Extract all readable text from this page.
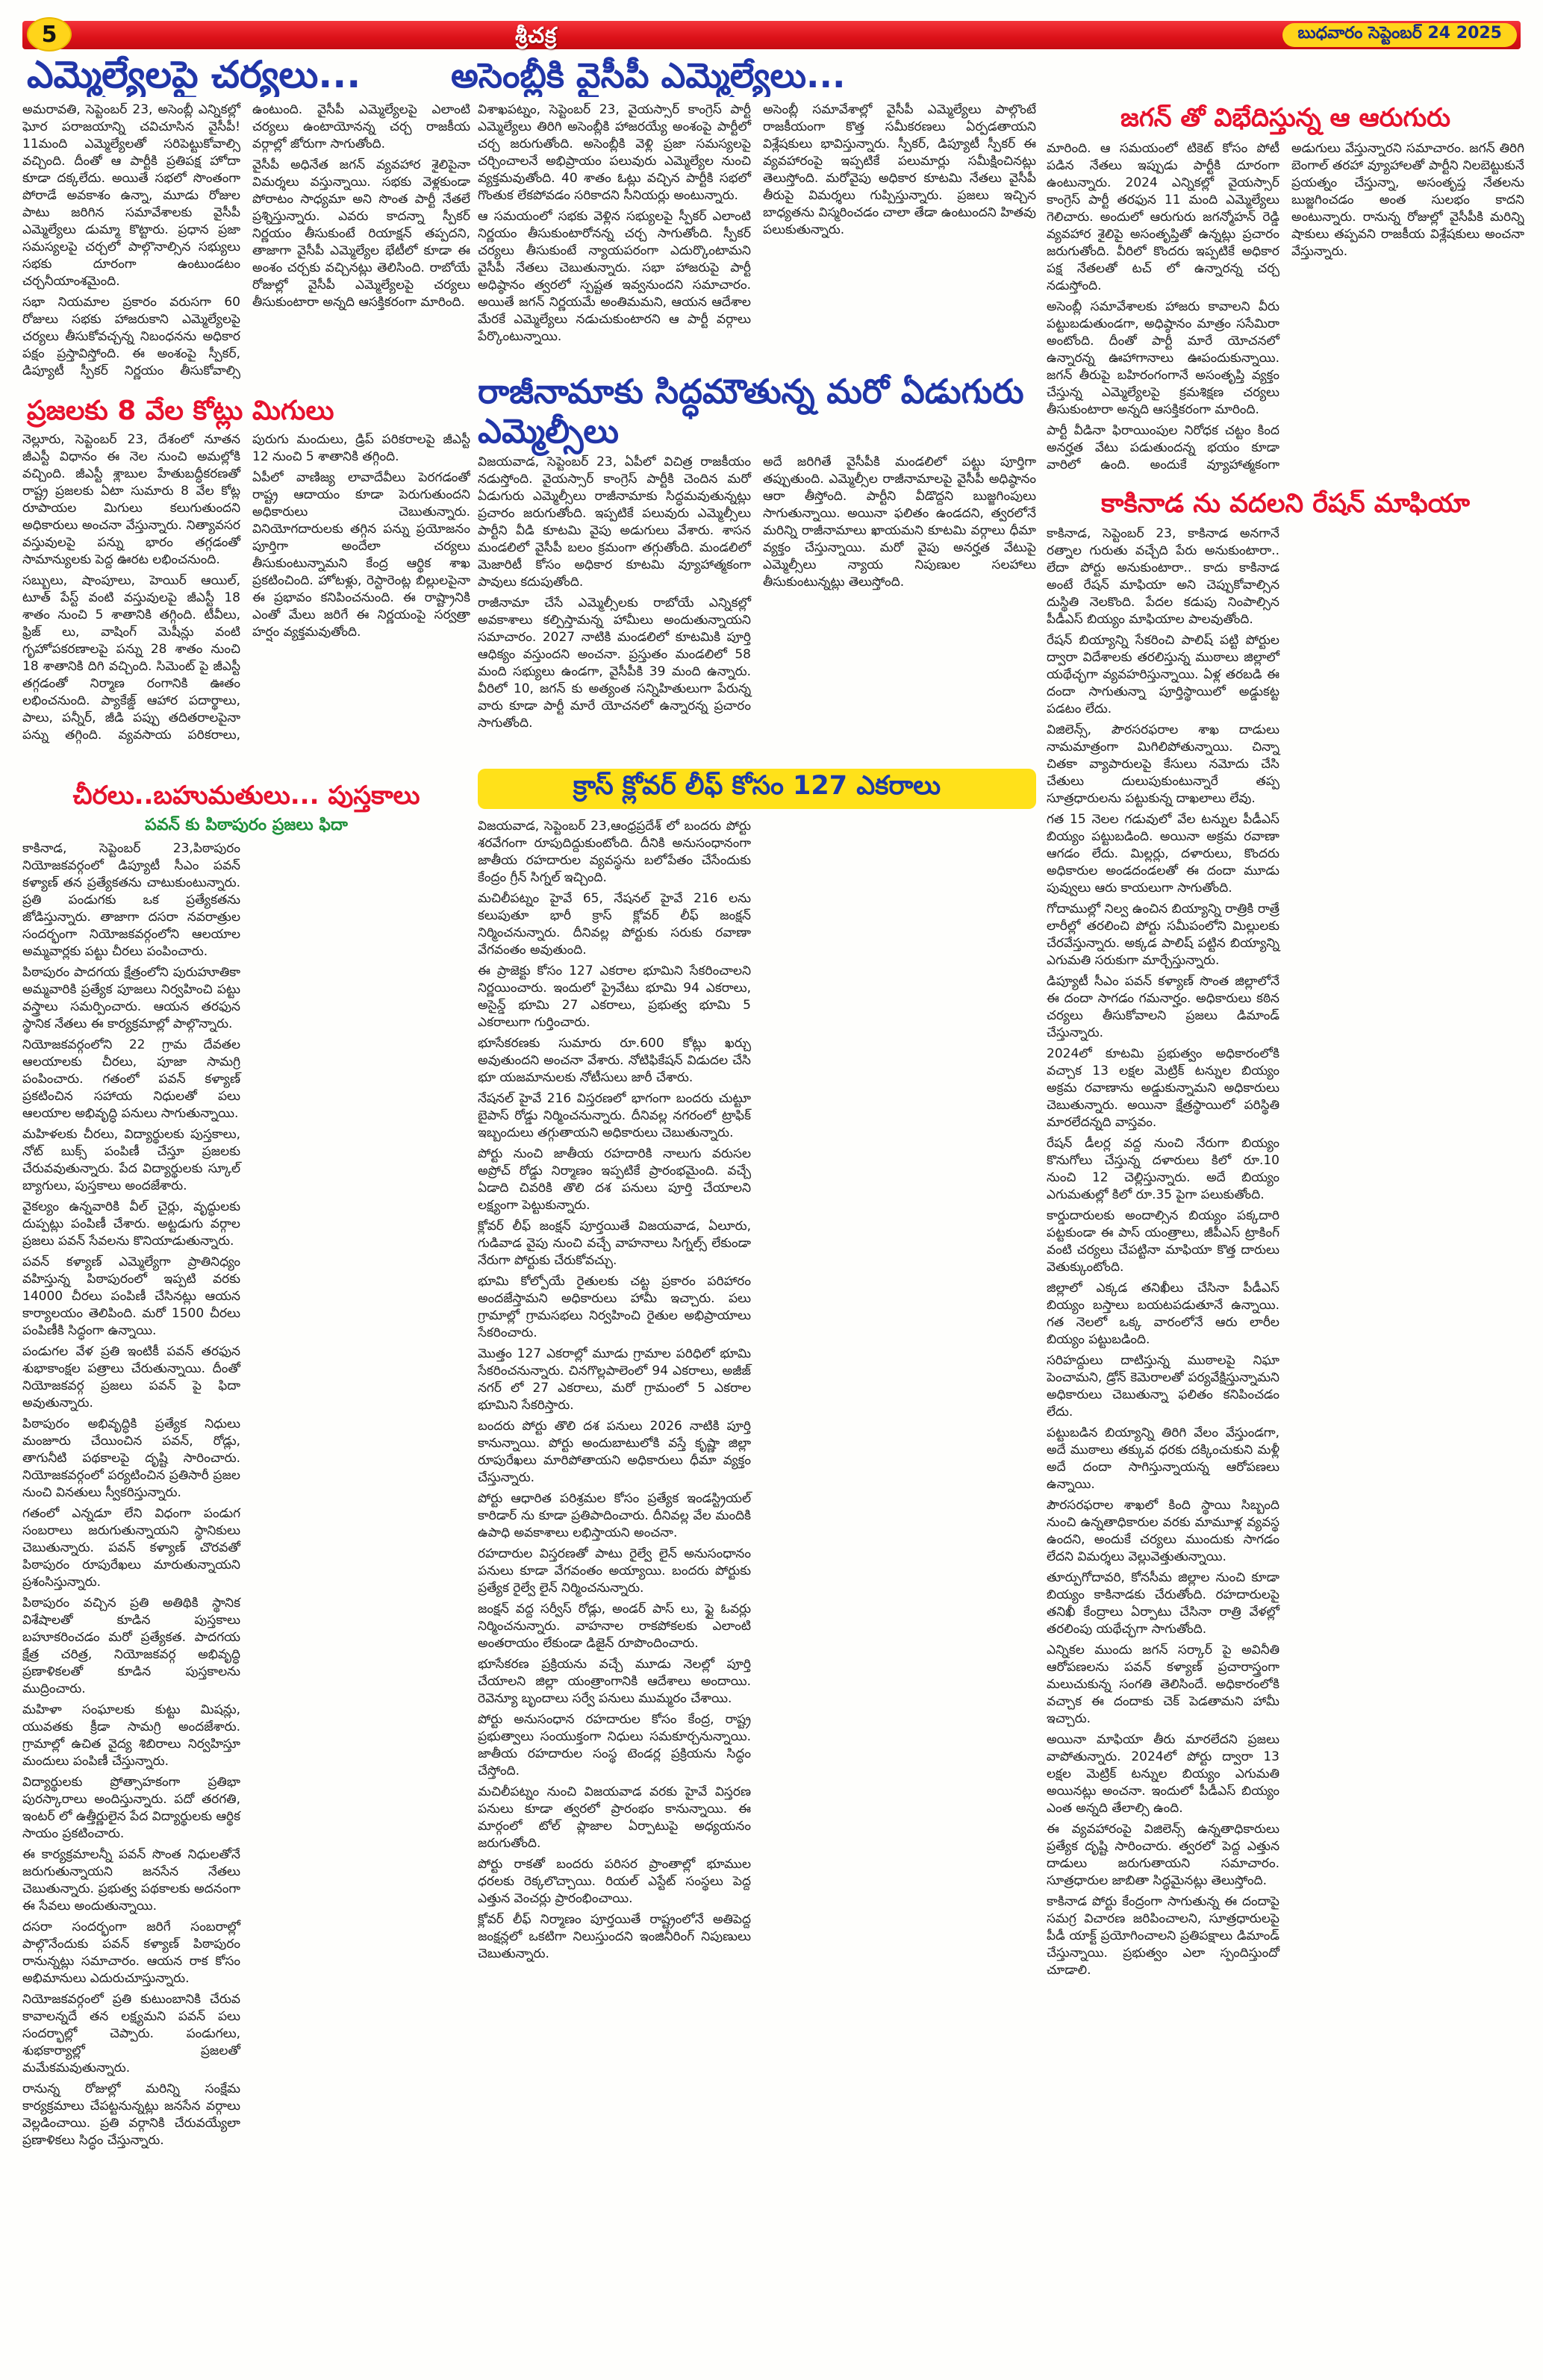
5	శ్రీచక్ర	బుధవారం సెప్టెంబర్ 24 2025
ఎమ్మెల్యేలపై చర్యలు...	అసెంబ్లీకి వైసీపీ ఎమ్మెల్యేలు...

అమరావతి, సెప్టెంబర్ 23, అసెంబ్లీ ఎన్నికల్లో ఘోర పరాజయాన్ని చవిచూసిన వైసీపీ! 11మంది ఎమ్మెల్యేలతో సరిపెట్టుకోవాల్సి వచ్చింది. దీంతో ఆ పార్టీకి ప్రతిపక్ష హోదా కూడా దక్కలేదు. అయితే సభలో సొంతంగా పోరాడే అవకాశం ఉన్నా, మూడు రోజుల పాటు జరిగిన సమావేశాలకు వైసీపీ ఎమ్మెల్యేలు డుమ్మా కొట్టారు. ప్రధాన ప్రజా సమస్యలపై చర్చలో పాల్గొనాల్సిన సభ్యులు సభకు దూరంగా ఉంటుండటం చర్చనీయాంశమైంది.

సభా నియమాల ప్రకారం వరుసగా 60 రోజులు సభకు హాజరుకాని ఎమ్మెల్యేలపై చర్యలు తీసుకోవచ్చన్న నిబంధనను అధికార పక్షం ప్రస్తావిస్తోంది. ఈ అంశంపై స్పీకర్, డిప్యూటీ స్పీకర్ నిర్ణయం తీసుకోవాల్సి ఉంటుంది. వైసీపీ ఎమ్మెల్యేలపై ఎలాంటి చర్యలు ఉంటాయోనన్న చర్చ రాజకీయ వర్గాల్లో జోరుగా సాగుతోంది.

వైసీపీ అధినేత జగన్ వ్యవహార శైలిపైనా విమర్శలు వస్తున్నాయి. సభకు వెళ్లకుండా పోరాటం సాధ్యమా అని సొంత పార్టీ నేతలే ప్రశ్నిస్తున్నారు. ఎవరు కాదన్నా స్పీకర్ నిర్ణయం తీసుకుంటే రియాక్షన్ తప్పదని, తాజాగా వైసీపీ ఎమ్మెల్యేల భేటీలో కూడా ఈ అంశం చర్చకు వచ్చినట్లు తెలిసింది. రాబోయే రోజుల్లో వైసీపీ ఎమ్మెల్యేలపై చర్యలు తీసుకుంటారా అన్నది ఆసక్తికరంగా మారింది.

విశాఖపట్నం, సెప్టెంబర్ 23, వైయస్సార్ కాంగ్రెస్ పార్టీ ఎమ్మెల్యేలు తిరిగి అసెంబ్లీకి హాజరయ్యే అంశంపై పార్టీలో చర్చ జరుగుతోంది. అసెంబ్లీకి వెళ్లి ప్రజా సమస్యలపై చర్చించాలనే అభిప్రాయం పలువురు ఎమ్మెల్యేల నుంచి వ్యక్తమవుతోంది. 40 శాతం ఓట్లు వచ్చిన పార్టీకి సభలో గొంతుక లేకపోవడం సరికాదని సీనియర్లు అంటున్నారు.

ఆ సమయంలో సభకు వెళ్లిన సభ్యులపై స్పీకర్ ఎలాంటి నిర్ణయం తీసుకుంటారోనన్న చర్చ సాగుతోంది. స్పీకర్ చర్యలు తీసుకుంటే న్యాయపరంగా ఎదుర్కొంటామని వైసీపీ నేతలు చెబుతున్నారు. సభా హాజరుపై పార్టీ అధిష్ఠానం త్వరలో స్పష్టత ఇవ్వనుందని సమాచారం. అయితే జగన్ నిర్ణయమే అంతిమమని, ఆయన ఆదేశాల మేరకే ఎమ్మెల్యేలు నడుచుకుంటారని ఆ పార్టీ వర్గాలు పేర్కొంటున్నాయి.

అసెంబ్లీ సమావేశాల్లో వైసీపీ ఎమ్మెల్యేలు పాల్గొంటే రాజకీయంగా కొత్త సమీకరణలు ఏర్పడతాయని విశ్లేషకులు భావిస్తున్నారు. స్పీకర్, డిప్యూటీ స్పీకర్ ఈ వ్యవహారంపై ఇప్పటికే పలుమార్లు సమీక్షించినట్లు తెలుస్తోంది. మరోవైపు అధికార కూటమి నేతలు వైసీపీ తీరుపై విమర్శలు గుప్పిస్తున్నారు. ప్రజలు ఇచ్చిన బాధ్యతను విస్మరించడం చాలా తేడా ఉంటుందని హితవు పలుకుతున్నారు.

జగన్ తో విభేదిస్తున్న ఆ ఆరుగురు

మారింది. ఆ సమయంలో టికెట్ కోసం పోటీ పడిన నేతలు ఇప్పుడు పార్టీకి దూరంగా ఉంటున్నారు. 2024 ఎన్నికల్లో వైయస్సార్ కాంగ్రెస్ పార్టీ తరఫున 11 మంది ఎమ్మెల్యేలు గెలిచారు. అందులో ఆరుగురు జగన్మోహన్ రెడ్డి వ్యవహార శైలిపై అసంతృప్తితో ఉన్నట్లు ప్రచారం జరుగుతోంది. వీరిలో కొందరు ఇప్పటికే అధికార పక్ష నేతలతో టచ్ లో ఉన్నారన్న చర్చ నడుస్తోంది.

అసెంబ్లీ సమావేశాలకు హాజరు కావాలని వీరు పట్టుబడుతుండగా, అధిష్ఠానం మాత్రం ససేమిరా అంటోంది. దీంతో పార్టీ మారే యోచనలో ఉన్నారన్న ఊహాగానాలు ఊపందుకున్నాయి. జగన్ తీరుపై బహిరంగంగానే అసంతృప్తి వ్యక్తం చేస్తున్న ఎమ్మెల్యేలపై క్రమశిక్షణ చర్యలు తీసుకుంటారా అన్నది ఆసక్తికరంగా మారింది.

పార్టీ వీడినా ఫిరాయింపుల నిరోధక చట్టం కింద అనర్హత వేటు పడుతుందన్న భయం కూడా వారిలో ఉంది. అందుకే వ్యూహాత్మకంగా అడుగులు వేస్తున్నారని సమాచారం. జగన్ తిరిగి బెంగాల్ తరహా వ్యూహాలతో పార్టీని నిలబెట్టుకునే ప్రయత్నం చేస్తున్నా, అసంతృప్త నేతలను బుజ్జగించడం అంత సులభం కాదని అంటున్నారు. రానున్న రోజుల్లో వైసీపీకి మరిన్ని షాకులు తప్పవని రాజకీయ విశ్లేషకులు అంచనా వేస్తున్నారు.

ప్రజలకు 8 వేల కోట్లు మిగులు

నెల్లూరు, సెప్టెంబర్ 23, దేశంలో నూతన జీఎస్టీ విధానం ఈ నెల నుంచి అమల్లోకి వచ్చింది. జీఎస్టీ శ్లాబుల హేతుబద్ధీకరణతో రాష్ట్ర ప్రజలకు ఏటా సుమారు 8 వేల కోట్ల రూపాయల మిగులు కలుగుతుందని అధికారులు అంచనా వేస్తున్నారు. నిత్యావసర వస్తువులపై పన్ను భారం తగ్గడంతో సామాన్యులకు పెద్ద ఊరట లభించనుంది.

సబ్బులు, షాంపూలు, హెయిర్ ఆయిల్, టూత్ పేస్ట్ వంటి వస్తువులపై జీఎస్టీ 18 శాతం నుంచి 5 శాతానికి తగ్గింది. టీవీలు, ఫ్రిజ్ లు, వాషింగ్ మెషీన్లు వంటి గృహోపకరణాలపై పన్ను 28 శాతం నుంచి 18 శాతానికి దిగి వచ్చింది. సిమెంట్ పై జీఎస్టీ తగ్గడంతో నిర్మాణ రంగానికి ఊతం లభించనుంది. ప్యాకేజ్డ్ ఆహార పదార్థాలు, పాలు, పన్నీర్, జీడి పప్పు తదితరాలపైనా పన్ను తగ్గింది. వ్యవసాయ పరికరాలు, పురుగు మందులు, డ్రిప్ పరికరాలపై జీఎస్టీ 12 నుంచి 5 శాతానికి తగ్గింది.

ఏపీలో వాణిజ్య లావాదేవీలు పెరగడంతో రాష్ట్ర ఆదాయం కూడా పెరుగుతుందని అధికారులు చెబుతున్నారు. వినియోగదారులకు తగ్గిన పన్ను ప్రయోజనం పూర్తిగా అందేలా చర్యలు తీసుకుంటున్నామని కేంద్ర ఆర్థిక శాఖ ప్రకటించింది. హోటళ్లు, రెస్టారెంట్ల బిల్లులపైనా ఈ ప్రభావం కనిపించనుంది. ఈ రాష్ట్రానికి ఎంతో మేలు జరిగే ఈ నిర్ణయంపై సర్వత్రా హర్షం వ్యక్తమవుతోంది.

రాజీనామాకు సిద్ధమౌతున్న మరో ఏడుగురు ఎమ్మెల్సీలు

విజయవాడ, సెప్టెంబర్ 23, ఏపీలో విచిత్ర రాజకీయం నడుస్తోంది. వైయస్సార్ కాంగ్రెస్ పార్టీకి చెందిన మరో ఏడుగురు ఎమ్మెల్సీలు రాజీనామాకు సిద్ధమవుతున్నట్లు ప్రచారం జరుగుతోంది. ఇప్పటికే పలువురు ఎమ్మెల్సీలు పార్టీని వీడి కూటమి వైపు అడుగులు వేశారు. శాసన మండలిలో వైసీపీ బలం క్రమంగా తగ్గుతోంది. మండలిలో మెజారిటీ కోసం అధికార కూటమి వ్యూహాత్మకంగా పావులు కదుపుతోంది.

రాజీనామా చేసే ఎమ్మెల్సీలకు రాబోయే ఎన్నికల్లో అవకాశాలు కల్పిస్తామన్న హామీలు అందుతున్నాయని సమాచారం. 2027 నాటికి మండలిలో కూటమికి పూర్తి ఆధిక్యం వస్తుందని అంచనా. ప్రస్తుతం మండలిలో 58 మంది సభ్యులు ఉండగా, వైసీపీకి 39 మంది ఉన్నారు. వీరిలో 10, జగన్ కు అత్యంత సన్నిహితులుగా పేరున్న వారు కూడా పార్టీ మారే యోచనలో ఉన్నారన్న ప్రచారం సాగుతోంది.

అదే జరిగితే వైసీపీకి మండలిలో పట్టు పూర్తిగా తప్పుతుంది. ఎమ్మెల్సీల రాజీనామాలపై వైసీపీ అధిష్ఠానం ఆరా తీస్తోంది. పార్టీని వీడొద్దని బుజ్జగింపులు సాగుతున్నాయి. అయినా ఫలితం ఉండదని, త్వరలోనే మరిన్ని రాజీనామాలు ఖాయమని కూటమి వర్గాలు ధీమా వ్యక్తం చేస్తున్నాయి. మరో వైపు అనర్హత వేటుపై ఎమ్మెల్సీలు న్యాయ నిపుణుల సలహాలు తీసుకుంటున్నట్లు తెలుస్తోంది.

కాకినాడ ను వదలని రేషన్ మాఫియా

కాకినాడ, సెప్టెంబర్ 23, కాకినాడ అనగానే రత్నాల గురుతు వచ్చేది పేరు అనుకుంటారా.. లేదా పోర్టు అనుకుంటారా.. కాదు కాకినాడ అంటే రేషన్ మాఫియా అని చెప్పుకోవాల్సిన దుస్థితి నెలకొంది. పేదల కడుపు నింపాల్సిన పీడీఎస్ బియ్యం మాఫియాల పాలవుతోంది.

రేషన్ బియ్యాన్ని సేకరించి పాలిష్ పట్టి పోర్టుల ద్వారా విదేశాలకు తరలిస్తున్న ముఠాలు జిల్లాలో యథేచ్ఛగా వ్యవహరిస్తున్నాయి. ఏళ్ల తరబడి ఈ దందా సాగుతున్నా పూర్తిస్థాయిలో అడ్డుకట్ట పడటం లేదు.

విజిలెన్స్, పౌరసరఫరాల శాఖ దాడులు నామమాత్రంగా మిగిలిపోతున్నాయి. చిన్నా చితకా వ్యాపారులపై కేసులు నమోదు చేసి చేతులు దులుపుకుంటున్నారే తప్ప సూత్రధారులను పట్టుకున్న దాఖలాలు లేవు.

గత 15 నెలల గడువులో వేల టన్నుల పీడీఎస్ బియ్యం పట్టుబడింది. అయినా అక్రమ రవాణా ఆగడం లేదు. మిల్లర్లు, దళారులు, కొందరు అధికారుల అండదండలతో ఈ దందా మూడు పువ్వులు ఆరు కాయలుగా సాగుతోంది.

గోదాముల్లో నిల్వ ఉంచిన బియ్యాన్ని రాత్రికి రాత్రే లారీల్లో తరలించి పోర్టు సమీపంలోని మిల్లులకు చేరవేస్తున్నారు. అక్కడ పాలిష్ పట్టిన బియ్యాన్ని ఎగుమతి సరుకుగా మార్చేస్తున్నారు.

డిప్యూటీ సీఎం పవన్ కళ్యాణ్ సొంత జిల్లాలోనే ఈ దందా సాగడం గమనార్హం. అధికారులు కఠిన చర్యలు తీసుకోవాలని ప్రజలు డిమాండ్ చేస్తున్నారు.

2024లో కూటమి ప్రభుత్వం అధికారంలోకి వచ్చాక 13 లక్షల మెట్రిక్ టన్నుల బియ్యం అక్రమ రవాణాను అడ్డుకున్నామని అధికారులు చెబుతున్నారు. అయినా క్షేత్రస్థాయిలో పరిస్థితి మారలేదన్నది వాస్తవం.

రేషన్ డీలర్ల వద్ద నుంచి నేరుగా బియ్యం కొనుగోలు చేస్తున్న దళారులు కిలో రూ.10 నుంచి 12 చెల్లిస్తున్నారు. అదే బియ్యం ఎగుమతుల్లో కిలో రూ.35 పైగా పలుకుతోంది.

కార్డుదారులకు అందాల్సిన బియ్యం పక్కదారి పట్టకుండా ఈ పాస్ యంత్రాలు, జీపీఎస్ ట్రాకింగ్ వంటి చర్యలు చేపట్టినా మాఫియా కొత్త దారులు వెతుక్కుంటోంది.

జిల్లాలో ఎక్కడ తనిఖీలు చేసినా పీడీఎస్ బియ్యం బస్తాలు బయటపడుతూనే ఉన్నాయి. గత నెలలో ఒక్క వారంలోనే ఆరు లారీల బియ్యం పట్టుబడింది.

సరిహద్దులు దాటిస్తున్న ముఠాలపై నిఘా పెంచామని, డ్రోన్ కెమెరాలతో పర్యవేక్షిస్తున్నామని అధికారులు చెబుతున్నా ఫలితం కనిపించడం లేదు.

పట్టుబడిన బియ్యాన్ని తిరిగి వేలం వేస్తుండగా, అదే ముఠాలు తక్కువ ధరకు దక్కించుకుని మళ్లీ అదే దందా సాగిస్తున్నాయన్న ఆరోపణలు ఉన్నాయి.

పౌరసరఫరాల శాఖలో కింది స్థాయి సిబ్బంది నుంచి ఉన్నతాధికారుల వరకు మామూళ్ల వ్యవస్థ ఉందని, అందుకే చర్యలు ముందుకు సాగడం లేదని విమర్శలు వెల్లువెత్తుతున్నాయి.

తూర్పుగోదావరి, కోనసీమ జిల్లాల నుంచి కూడా బియ్యం కాకినాడకు చేరుతోంది. రహదారులపై తనిఖీ కేంద్రాలు ఏర్పాటు చేసినా రాత్రి వేళల్లో తరలింపు యథేచ్ఛగా సాగుతోంది.

ఎన్నికల ముందు జగన్ సర్కార్ పై అవినీతి ఆరోపణలను పవన్ కళ్యాణ్ ప్రచారాస్త్రంగా మలుచుకున్న సంగతి తెలిసిందే. అధికారంలోకి వచ్చాక ఈ దందాకు చెక్ పెడతామని హామీ ఇచ్చారు.

అయినా మాఫియా తీరు మారలేదని ప్రజలు వాపోతున్నారు. 2024లో పోర్టు ద్వారా 13 లక్షల మెట్రిక్ టన్నుల బియ్యం ఎగుమతి అయినట్లు అంచనా. ఇందులో పీడీఎస్ బియ్యం ఎంత అన్నది తేలాల్సి ఉంది.

ఈ వ్యవహారంపై విజిలెన్స్ ఉన్నతాధికారులు ప్రత్యేక దృష్టి సారించారు. త్వరలో పెద్ద ఎత్తున దాడులు జరుగుతాయని సమాచారం. సూత్రధారుల జాబితా సిద్ధమైనట్లు తెలుస్తోంది.

కాకినాడ పోర్టు కేంద్రంగా సాగుతున్న ఈ దందాపై సమగ్ర విచారణ జరిపించాలని, సూత్రధారులపై పీడీ యాక్ట్ ప్రయోగించాలని ప్రతిపక్షాలు డిమాండ్ చేస్తున్నాయి. ప్రభుత్వం ఎలా స్పందిస్తుందో చూడాలి.

చీరలు..బహుమతులు... పుస్తకాలు
పవన్ కు పిఠాపురం ప్రజలు ఫిదా

కాకినాడ, సెప్టెంబర్ 23,పిఠాపురం నియోజకవర్గంలో డిప్యూటీ సీఎం పవన్ కళ్యాణ్ తన ప్రత్యేకతను చాటుకుంటున్నారు. ప్రతి పండుగకు ఒక ప్రత్యేకతను జోడిస్తున్నారు. తాజాగా దసరా నవరాత్రుల సందర్భంగా నియోజకవర్గంలోని ఆలయాల అమ్మవార్లకు పట్టు చీరలు పంపించారు.

పిఠాపురం పాదగయ క్షేత్రంలోని పురుహూతికా అమ్మవారికి ప్రత్యేక పూజలు నిర్వహించి పట్టు వస్త్రాలు సమర్పించారు. ఆయన తరఫున స్థానిక నేతలు ఈ కార్యక్రమాల్లో పాల్గొన్నారు.

నియోజకవర్గంలోని 22 గ్రామ దేవతల ఆలయాలకు చీరలు, పూజా సామగ్రి పంపించారు. గతంలో పవన్ కళ్యాణ్ ప్రకటించిన సహాయ నిధులతో పలు ఆలయాల అభివృద్ధి పనులు సాగుతున్నాయి.

మహిళలకు చీరలు, విద్యార్థులకు పుస్తకాలు, నోట్ బుక్స్ పంపిణీ చేస్తూ ప్రజలకు చేరువవుతున్నారు. పేద విద్యార్థులకు స్కూల్ బ్యాగులు, పుస్తకాలు అందజేశారు.

వైకల్యం ఉన్నవారికి వీల్ చైర్లు, వృద్ధులకు దుప్పట్లు పంపిణీ చేశారు. అట్టడుగు వర్గాల ప్రజలు పవన్ సేవలను కొనియాడుతున్నారు.

పవన్ కళ్యాణ్ ఎమ్మెల్యేగా ప్రాతినిధ్యం వహిస్తున్న పిఠాపురంలో ఇప్పటి వరకు 14000 చీరలు పంపిణీ చేసినట్లు ఆయన కార్యాలయం తెలిపింది. మరో 1500 చీరలు పంపిణీకి సిద్ధంగా ఉన్నాయి.

పండుగల వేళ ప్రతి ఇంటికీ పవన్ తరఫున శుభాకాంక్షల పత్రాలు చేరుతున్నాయి. దీంతో నియోజకవర్గ ప్రజలు పవన్ పై ఫిదా అవుతున్నారు.

పిఠాపురం అభివృద్ధికి ప్రత్యేక నిధులు మంజూరు చేయించిన పవన్, రోడ్లు, తాగునీటి పథకాలపై దృష్టి సారించారు. నియోజకవర్గంలో పర్యటించిన ప్రతిసారీ ప్రజల నుంచి వినతులు స్వీకరిస్తున్నారు.

గతంలో ఎన్నడూ లేని విధంగా పండుగ సంబరాలు జరుగుతున్నాయని స్థానికులు చెబుతున్నారు. పవన్ కళ్యాణ్ చొరవతో పిఠాపురం రూపురేఖలు మారుతున్నాయని ప్రశంసిస్తున్నారు.

పిఠాపురం వచ్చిన ప్రతి అతిథికి స్థానిక విశేషాలతో కూడిన పుస్తకాలు బహూకరించడం మరో ప్రత్యేకత. పాదగయ క్షేత్ర చరిత్ర, నియోజకవర్గ అభివృద్ధి ప్రణాళికలతో కూడిన పుస్తకాలను ముద్రించారు.

మహిళా సంఘాలకు కుట్టు మిషన్లు, యువతకు క్రీడా సామగ్రి అందజేశారు. గ్రామాల్లో ఉచిత వైద్య శిబిరాలు నిర్వహిస్తూ మందులు పంపిణీ చేస్తున్నారు.

విద్యార్థులకు ప్రోత్సాహకంగా ప్రతిభా పురస్కారాలు అందిస్తున్నారు. పదో తరగతి, ఇంటర్ లో ఉత్తీర్ణులైన పేద విద్యార్థులకు ఆర్థిక సాయం ప్రకటించారు.

ఈ కార్యక్రమాలన్నీ పవన్ సొంత నిధులతోనే జరుగుతున్నాయని జనసేన నేతలు చెబుతున్నారు. ప్రభుత్వ పథకాలకు అదనంగా ఈ సేవలు అందుతున్నాయి.

దసరా సందర్భంగా జరిగే సంబరాల్లో పాల్గొనేందుకు పవన్ కళ్యాణ్ పిఠాపురం రానున్నట్లు సమాచారం. ఆయన రాక కోసం అభిమానులు ఎదురుచూస్తున్నారు.

నియోజకవర్గంలో ప్రతి కుటుంబానికి చేరువ కావాలన్నదే తన లక్ష్యమని పవన్ పలు సందర్భాల్లో చెప్పారు. పండుగలు, శుభకార్యాల్లో ప్రజలతో మమేకమవుతున్నారు.

రానున్న రోజుల్లో మరిన్ని సంక్షేమ కార్యక్రమాలు చేపట్టనున్నట్లు జనసేన వర్గాలు వెల్లడించాయి. ప్రతి వర్గానికి చేరువయ్యేలా ప్రణాళికలు సిద్ధం చేస్తున్నారు.

క్రాస్ క్లోవర్ లీఫ్ కోసం 127 ఎకరాలు

విజయవాడ, సెప్టెంబర్ 23,ఆంధ్రప్రదేశ్ లో బందరు పోర్టు శరవేగంగా రూపుదిద్దుకుంటోంది. దీనికి అనుసంధానంగా జాతీయ రహదారుల వ్యవస్థను బలోపేతం చేసేందుకు కేంద్రం గ్రీన్ సిగ్నల్ ఇచ్చింది.

మచిలీపట్నం హైవే 65, నేషనల్ హైవే 216 లను కలుపుతూ భారీ క్రాస్ క్లోవర్ లీఫ్ జంక్షన్ నిర్మించనున్నారు. దీనివల్ల పోర్టుకు సరుకు రవాణా వేగవంతం అవుతుంది.

ఈ ప్రాజెక్టు కోసం 127 ఎకరాల భూమిని సేకరించాలని నిర్ణయించారు. ఇందులో ప్రైవేటు భూమి 94 ఎకరాలు, అసైన్డ్ భూమి 27 ఎకరాలు, ప్రభుత్వ భూమి 5 ఎకరాలుగా గుర్తించారు.

భూసేకరణకు సుమారు రూ.600 కోట్లు ఖర్చు అవుతుందని అంచనా వేశారు. నోటిఫికేషన్ విడుదల చేసి భూ యజమానులకు నోటీసులు జారీ చేశారు.

నేషనల్ హైవే 216 విస్తరణలో భాగంగా బందరు చుట్టూ బైపాస్ రోడ్డు నిర్మించనున్నారు. దీనివల్ల నగరంలో ట్రాఫిక్ ఇబ్బందులు తగ్గుతాయని అధికారులు చెబుతున్నారు.

పోర్టు నుంచి జాతీయ రహదారికి నాలుగు వరుసల అప్రోచ్ రోడ్డు నిర్మాణం ఇప్పటికే ప్రారంభమైంది. వచ్చే ఏడాది చివరికి తొలి దశ పనులు పూర్తి చేయాలని లక్ష్యంగా పెట్టుకున్నారు.

క్లోవర్ లీఫ్ జంక్షన్ పూర్తయితే విజయవాడ, ఏలూరు, గుడివాడ వైపు నుంచి వచ్చే వాహనాలు సిగ్నల్స్ లేకుండా నేరుగా పోర్టుకు చేరుకోవచ్చు.

భూమి కోల్పోయే రైతులకు చట్ట ప్రకారం పరిహారం అందజేస్తామని అధికారులు హామీ ఇచ్చారు. పలు గ్రామాల్లో గ్రామసభలు నిర్వహించి రైతుల అభిప్రాయాలు సేకరించారు.

మొత్తం 127 ఎకరాల్లో మూడు గ్రామాల పరిధిలో భూమి సేకరించనున్నారు. చినగొల్లపాలెంలో 94 ఎకరాలు, అజీజ్ నగర్ లో 27 ఎకరాలు, మరో గ్రామంలో 5 ఎకరాల భూమిని సేకరిస్తారు.

బందరు పోర్టు తొలి దశ పనులు 2026 నాటికి పూర్తి కానున్నాయి. పోర్టు అందుబాటులోకి వస్తే కృష్ణా జిల్లా రూపురేఖలు మారిపోతాయని అధికారులు ధీమా వ్యక్తం చేస్తున్నారు.

పోర్టు ఆధారిత పరిశ్రమల కోసం ప్రత్యేక ఇండస్ట్రియల్ కారిడార్ ను కూడా ప్రతిపాదించారు. దీనివల్ల వేల మందికి ఉపాధి అవకాశాలు లభిస్తాయని అంచనా.

రహదారుల విస్తరణతో పాటు రైల్వే లైన్ అనుసంధానం పనులు కూడా వేగవంతం అయ్యాయి. బందరు పోర్టుకు ప్రత్యేక రైల్వే లైన్ నిర్మించనున్నారు.

జంక్షన్ వద్ద సర్వీస్ రోడ్లు, అండర్ పాస్ లు, ఫ్లై ఓవర్లు నిర్మించనున్నారు. వాహనాల రాకపోకలకు ఎలాంటి అంతరాయం లేకుండా డిజైన్ రూపొందించారు.

భూసేకరణ ప్రక్రియను వచ్చే మూడు నెలల్లో పూర్తి చేయాలని జిల్లా యంత్రాంగానికి ఆదేశాలు అందాయి. రెవెన్యూ బృందాలు సర్వే పనులు ముమ్మరం చేశాయి.

పోర్టు అనుసంధాన రహదారుల కోసం కేంద్ర, రాష్ట్ర ప్రభుత్వాలు సంయుక్తంగా నిధులు సమకూర్చనున్నాయి. జాతీయ రహదారుల సంస్థ టెండర్ల ప్రక్రియను సిద్ధం చేస్తోంది.

మచిలీపట్నం నుంచి విజయవాడ వరకు హైవే విస్తరణ పనులు కూడా త్వరలో ప్రారంభం కానున్నాయి. ఈ మార్గంలో టోల్ ప్లాజాల ఏర్పాటుపై అధ్యయనం జరుగుతోంది.

పోర్టు రాకతో బందరు పరిసర ప్రాంతాల్లో భూముల ధరలకు రెక్కలొచ్చాయి. రియల్ ఎస్టేట్ సంస్థలు పెద్ద ఎత్తున వెంచర్లు ప్రారంభించాయి.

క్లోవర్ లీఫ్ నిర్మాణం పూర్తయితే రాష్ట్రంలోనే అతిపెద్ద జంక్షన్లలో ఒకటిగా నిలుస్తుందని ఇంజినీరింగ్ నిపుణులు చెబుతున్నారు.
